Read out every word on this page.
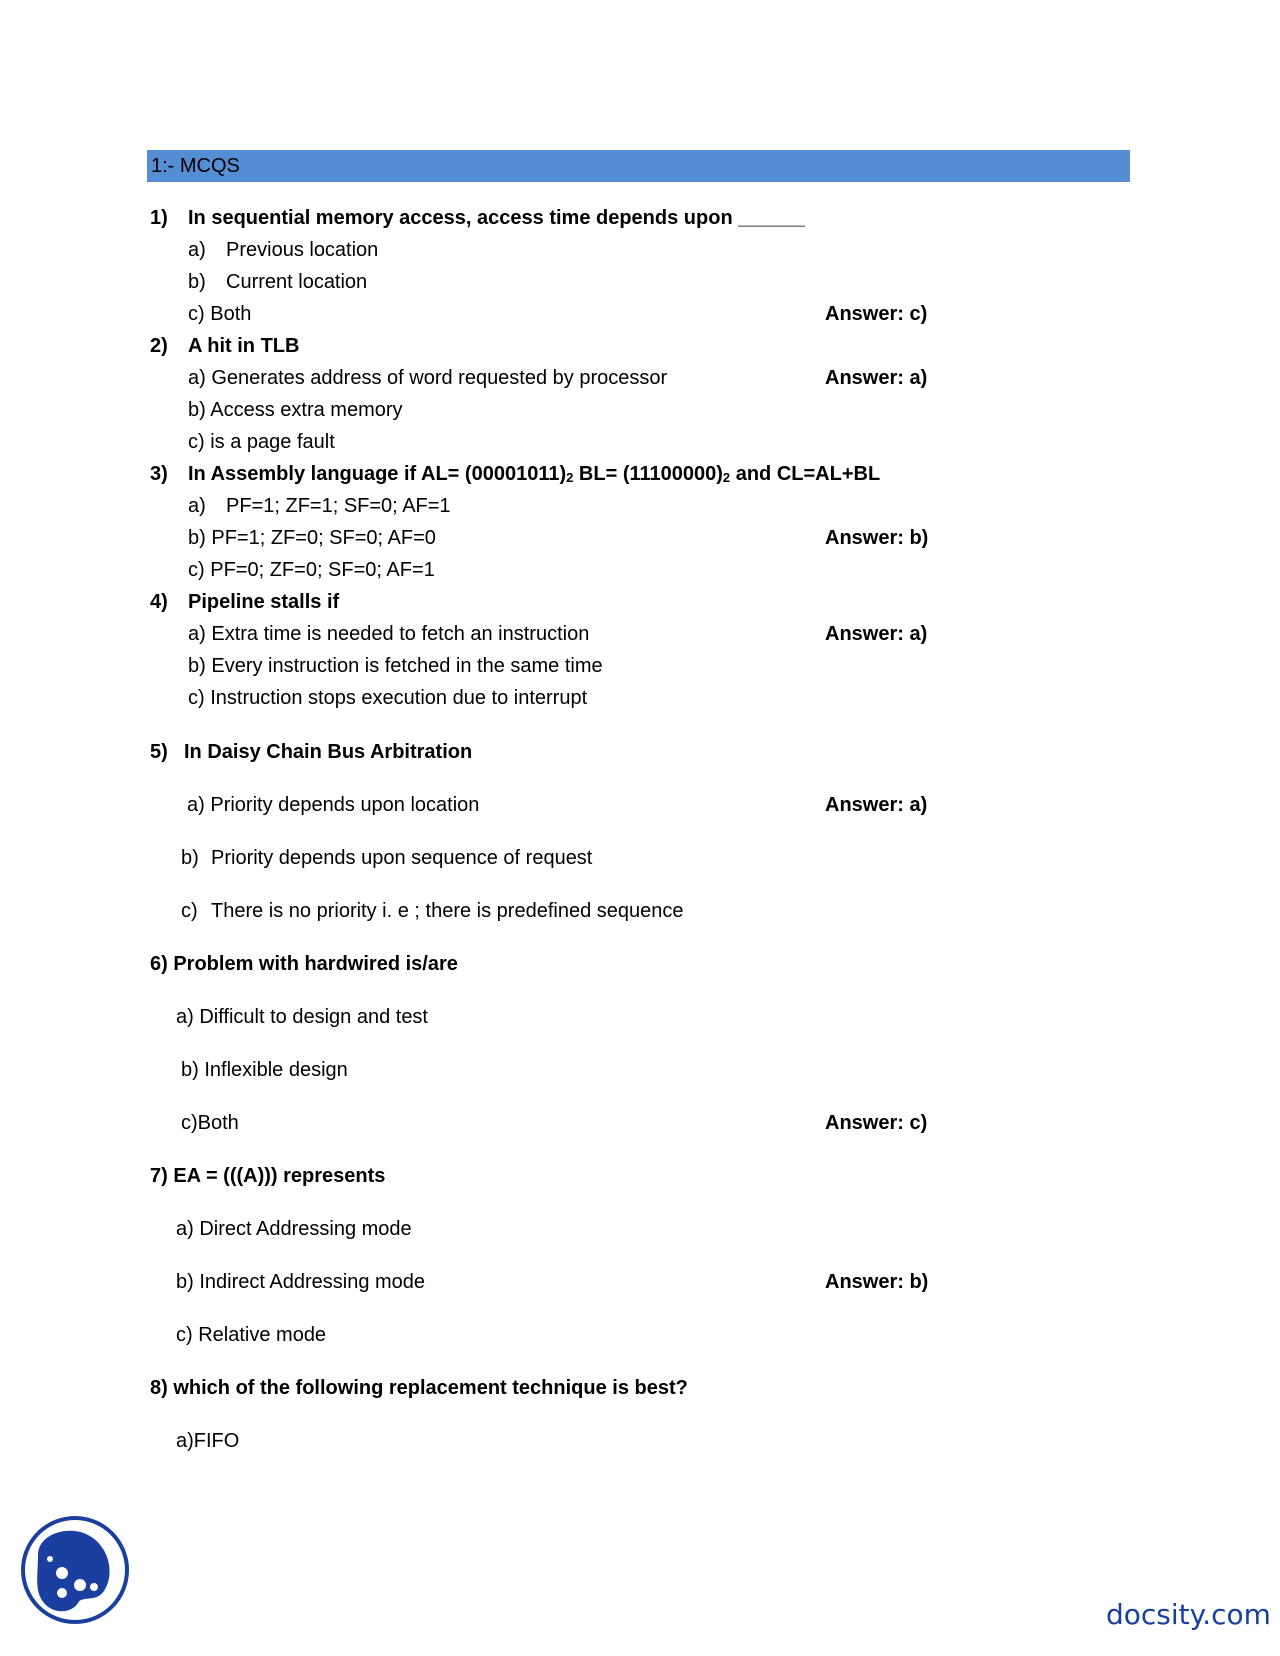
1:- MCQS
1) In sequential memory access, access time depends upon ______
a) Previous location
b) Current location
c) Both	Answer: c)
2) A hit in TLB
a) Generates address of word requested by processor	Answer: a)
b) Access extra memory
c) is a page fault
3) In Assembly language if $AL= (00001011)_2$ $BL= (11100000)_2$ and CL=AL+BL
a) PF=1; ZF=1; SF=0; AF=1
b) PF=1; ZF=0; SF=0; AF=0	Answer: b)
c) PF=0; ZF=0; SF=0; AF=1
4) Pipeline stalls if
a) Extra time is needed to fetch an instruction	Answer: a)
b) Every instruction is fetched in the same time
c) Instruction stops execution due to interrupt
5) In Daisy Chain Bus Arbitration
a) Priority depends upon location	Answer: a)
b) Priority depends upon sequence of request
c) There is no priority i. e ; there is predefined sequence
6) Problem with hardwired is/are
a) Difficult to design and test
b) Inflexible design
c)Both	Answer: c)
7) EA = (((A))) represents
a) Direct Addressing mode
b) Indirect Addressing mode	Answer: b)
c) Relative mode
8) which of the following replacement technique is best?
a)FIFO
docsity.com
